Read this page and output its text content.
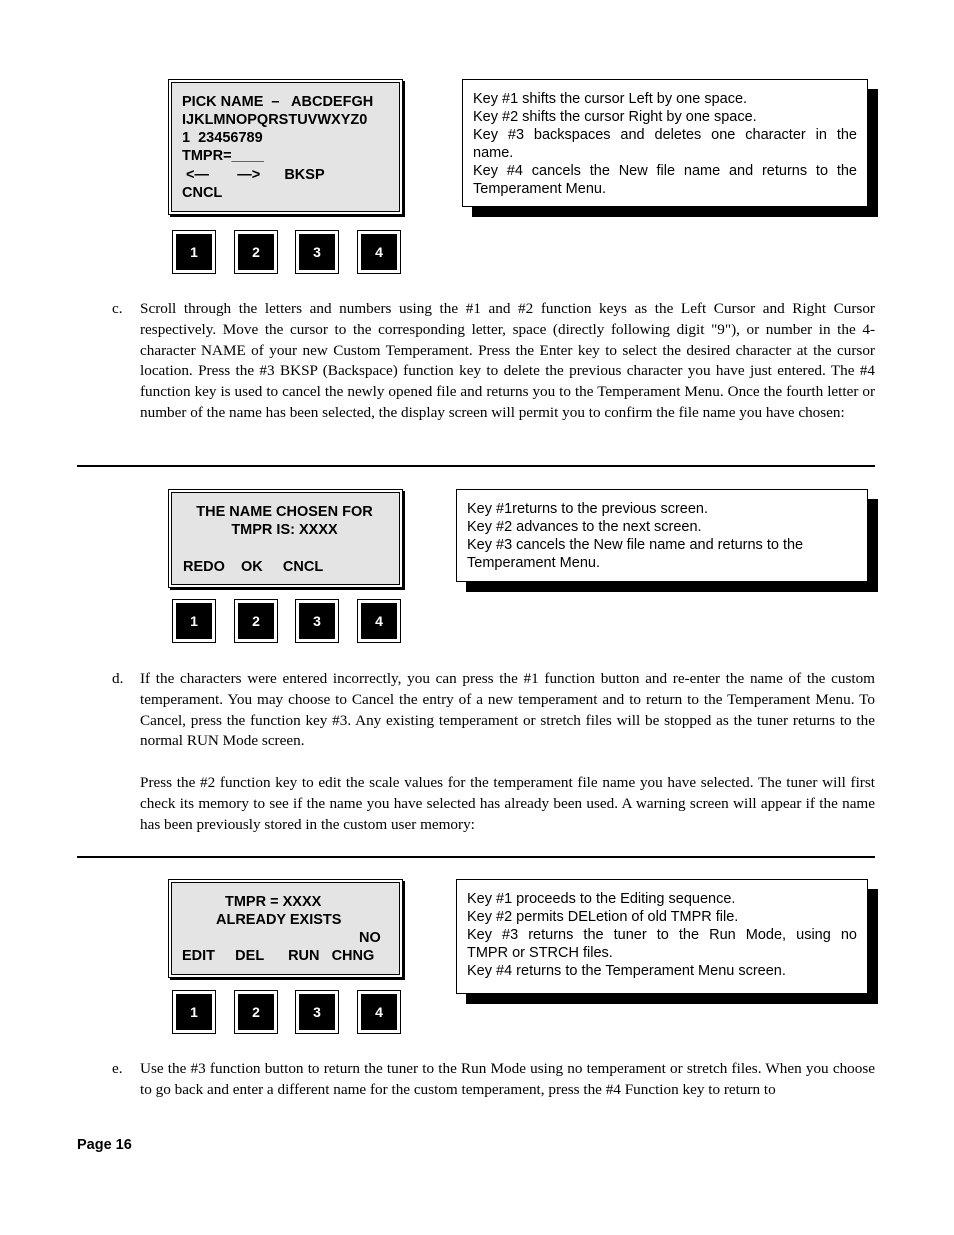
PICK NAME  –   ABCDEFGH
IJKLMNOPQRSTUVWXYZ0
1  23456789
TMPR=____
<—       —>      BKSP
CNCL
Key #1 shifts the cursor Left by one space.
Key #2 shifts the cursor Right by one space.
Key #3 backspaces and deletes one character in the
name.
Key #4 cancels the New file name and returns to the
Temperament Menu.
1	2	3	4
c. Scroll through the letters and numbers using the #1 and #2 function keys as the Left Cursor and Right Cursor respectively. Move the cursor to the corresponding letter, space (directly following digit "9"), or number in the 4-character NAME of your new Custom Temperament. Press the Enter key to select the desired character at the cursor location. Press the #3 BKSP (Backspace) function key to delete the previous character you have just entered. The #4 function key is used to cancel the newly opened file and returns you to the Temperament Menu. Once the fourth letter or number of the name has been selected, the display screen will permit you to confirm the file name you have chosen:
THE NAME CHOSEN FOR
TMPR IS: XXXX
REDO    OK     CNCL
Key #1returns to the previous screen.
Key #2 advances to the next screen.
Key #3 cancels the New file name and returns to the
Temperament Menu.
1	2	3	4
d. If the characters were entered incorrectly, you can press the #1 function button and re-enter the name of the custom temperament. You may choose to Cancel the entry of a new temperament and to return to the Temperament Menu. To Cancel, press the function key #3. Any existing temperament or stretch files will be stopped as the tuner returns to the normal RUN Mode screen.
Press the #2 function key to edit the scale values for the temperament file name you have selected. The tuner will first check its memory to see if the name you have selected has already been used. A warning screen will appear if the name has been previously stored in the custom user memory:
TMPR = XXXX
ALREADY EXISTS
NO
EDIT     DEL      RUN   CHNG
Key #1 proceeds to the Editing sequence.
Key #2 permits DELetion of old TMPR file.
Key #3 returns the tuner to the Run Mode, using no
TMPR or STRCH files.
Key #4 returns to the Temperament Menu screen.
1	2	3	4
e. Use the #3 function button to return the tuner to the Run Mode using no temperament or stretch files. When you choose to go back and enter a different name for the custom temperament, press the #4 Function key to return to
Page 16
